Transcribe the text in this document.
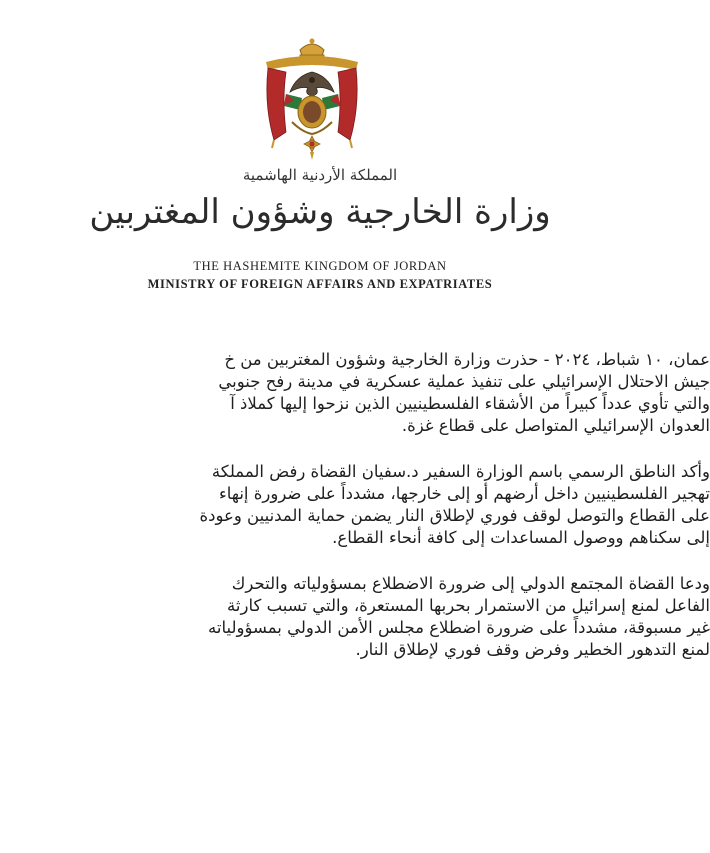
المملكة الأردنية الهاشمية
وزارة الخارجية وشؤون المغتربين
THE HASHEMITE KINGDOM OF JORDAN
MINISTRY OF FOREIGN AFFAIRS AND EXPATRIATES
عمان، ١٠ شباط، ٢٠٢٤ - حذرت وزارة الخارجية وشؤون المغتربين من خ
جيش الاحتلال الإسرائيلي على تنفيذ عملية عسكرية في مدينة رفح جنوبي
والتي تأوي عدداً كبيراً من الأشقاء الفلسطينيين الذين نزحوا إليها كملاذ آ
العدوان الإسرائيلي المتواصل على قطاع غزة.
وأكد الناطق الرسمي باسم الوزارة السفير د.سفيان القضاة رفض المملكة
تهجير الفلسطينيين داخل أرضهم أو إلى خارجها، مشدداً على ضرورة إنهاء
على القطاع والتوصل لوقف فوري لإطلاق النار يضمن حماية المدنيين وعودة
إلى سكناهم ووصول المساعدات إلى كافة أنحاء القطاع.
ودعا القضاة المجتمع الدولي إلى ضرورة الاضطلاع بمسؤولياته والتحرك
الفاعل لمنع إسرائيل من الاستمرار بحربها المستعرة، والتي تسبب كارثة
غير مسبوقة، مشدداً على ضرورة اضطلاع مجلس الأمن الدولي بمسؤولياته
لمنع التدهور الخطير وفرض وقف فوري لإطلاق النار.
